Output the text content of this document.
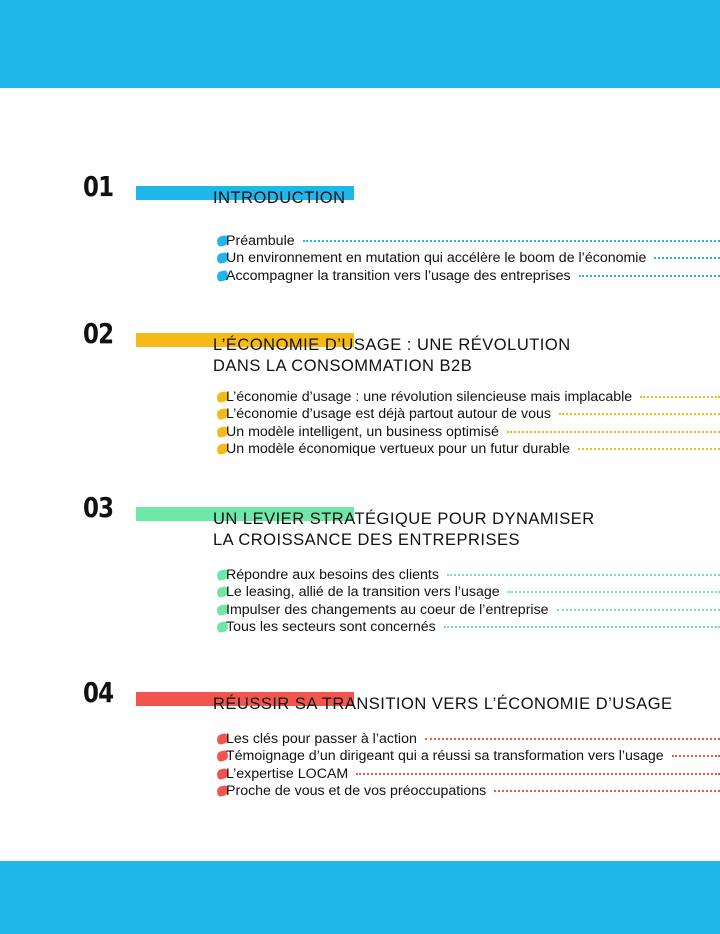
01	INTRODUCTION
Préambule
Un environnement en mutation qui accélère le boom de l’économie
Accompagner la transition vers l’usage des entreprises
02	L’ÉCONOMIE D’USAGE : UNE RÉVOLUTION
DANS LA CONSOMMATION B2B
L’économie d’usage : une révolution silencieuse mais implacable
L’économie d’usage est déjà partout autour de vous
Un modèle intelligent, un business optimisé
Un modèle économique vertueux pour un futur durable
03	UN LEVIER STRATÉGIQUE POUR DYNAMISER
LA CROISSANCE DES ENTREPRISES
Répondre aux besoins des clients
Le leasing, allié de la transition vers l’usage
Impulser des changements au coeur de l’entreprise
Tous les secteurs sont concernés
04	RÉUSSIR SA TRANSITION VERS L’ÉCONOMIE D’USAGE
Les clés pour passer à l’action
Témoignage d’un dirigeant qui a réussi sa transformation vers l’usage
L’expertise LOCAM
Proche de vous et de vos préoccupations
